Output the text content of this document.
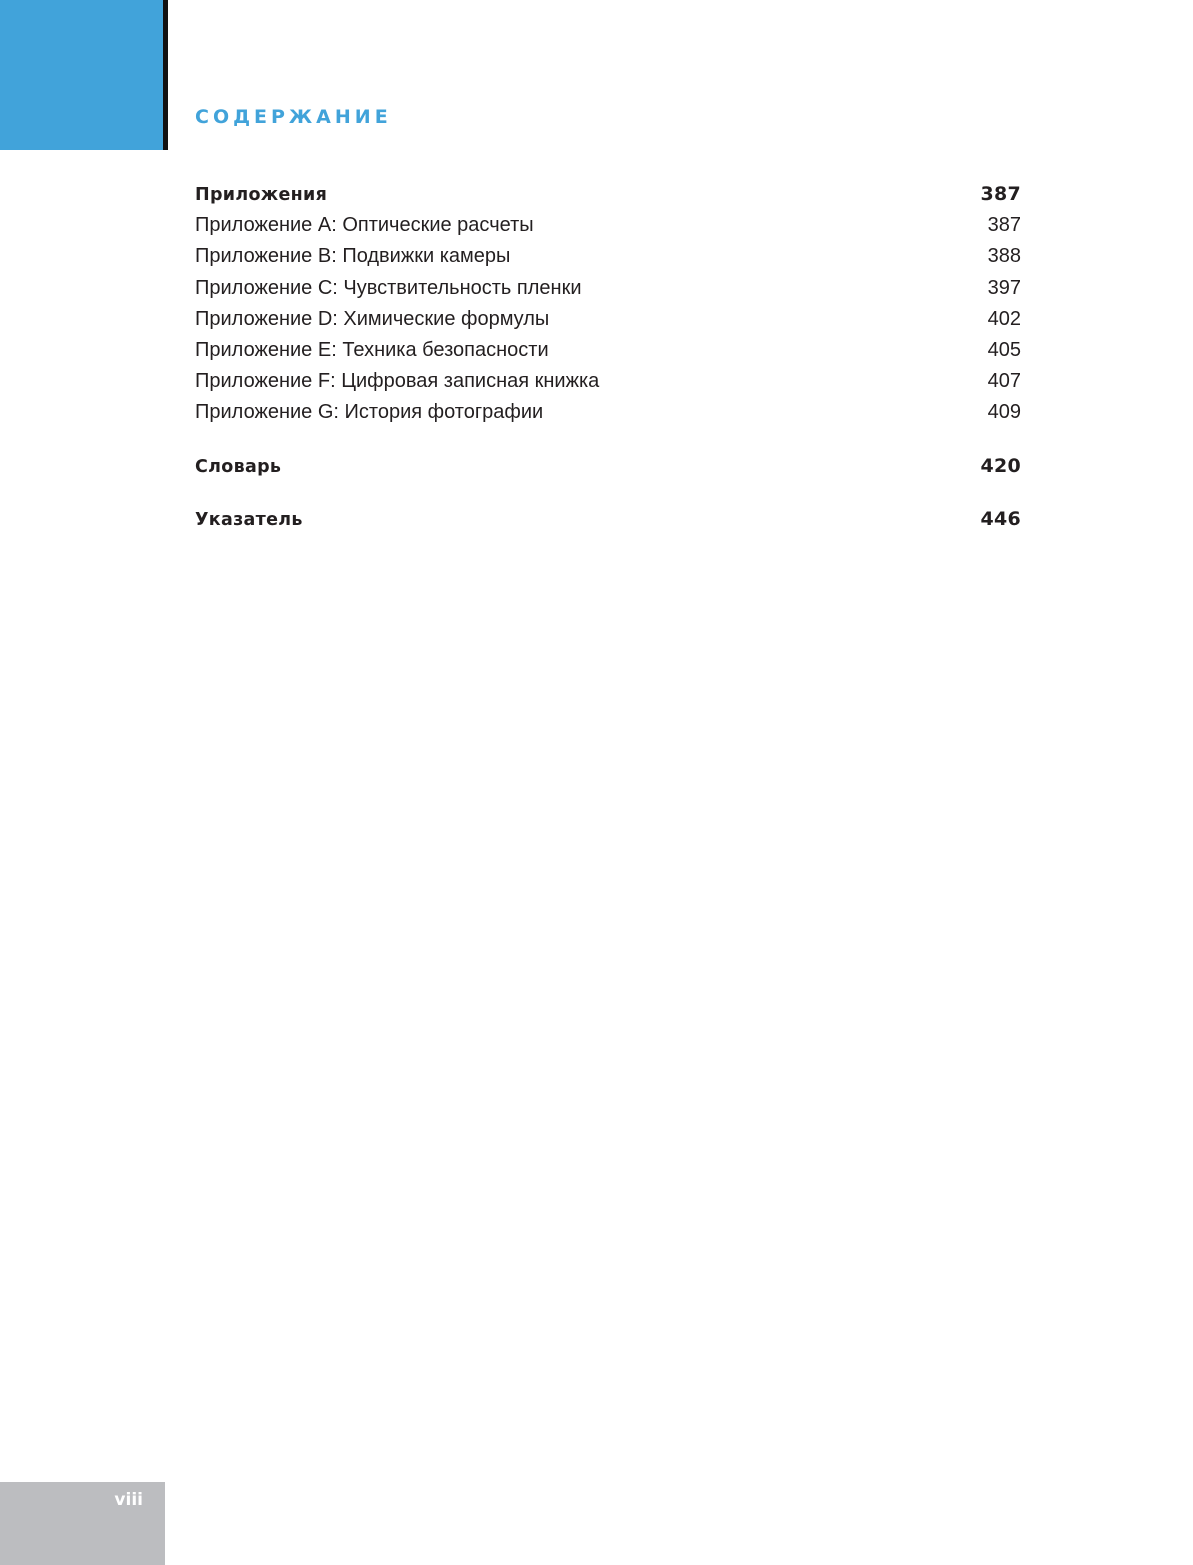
СОДЕРЖАНИЕ
Приложения	387
Приложение A: Оптические расчеты	387
Приложение B: Подвижки камеры	388
Приложение C: Чувствительность пленки	397
Приложение D: Химические формулы	402
Приложение E: Техника безопасности	405
Приложение F: Цифровая записная книжка	407
Приложение G: История фотографии	409
Словарь	420
Указатель	446

viii
